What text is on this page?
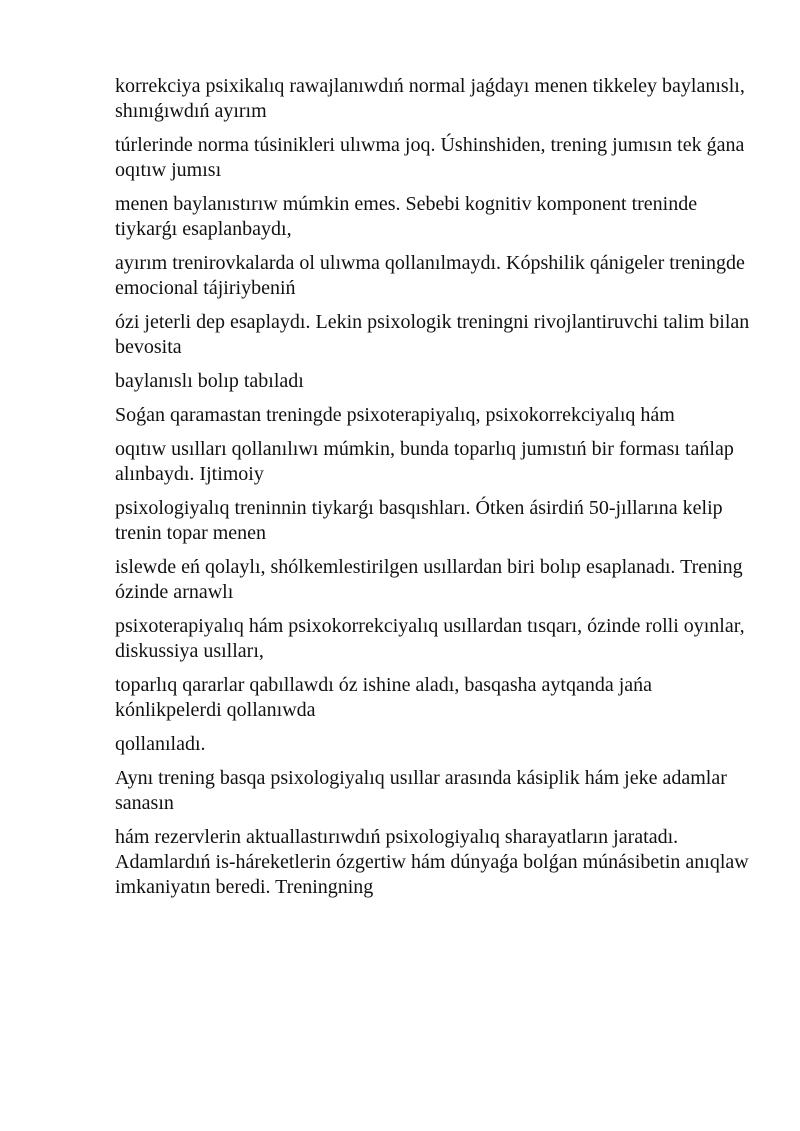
korrekciya psixikalıq rawajlanıwdıń normal jaǵdayı menen tikkeley baylanıslı, shınıǵıwdıń ayırım

túrlerinde norma túsinikleri ulıwma joq. Úshinshiden, trening jumısın tek ǵana oqıtıw jumısı

menen baylanıstırıw múmkin emes. Sebebi kognitiv komponent treninde tiykarǵı esaplanbaydı,

ayırım trenirovkalarda ol ulıwma qollanılmaydı. Kópshilik qánigeler treningde emocional tájiriybeniń

ózi jeterli dep esaplaydı. Lekin psixologik treningni rivojlantiruvchi talim bilan bevosita

baylanıslı bolıp tabıladı

Soǵan qaramastan treningde psixoterapiyalıq, psixokorrekciyalıq hám

oqıtıw usılları qollanılıwı múmkin, bunda toparlıq jumıstıń bir forması tańlap alınbaydı. Ijtimoiy

psixologiyalıq treninnin tiykarǵı basqıshları. Ótken ásirdiń 50-jıllarına kelip trenin topar menen

islewde eń qolaylı, shólkemlestirilgen usıllardan biri bolıp esaplanadı. Trening ózinde arnawlı

psixoterapiyalıq hám psixokorrekciyalıq usıllardan tısqarı, ózinde rolli oyınlar, diskussiya usılları,

toparlıq qararlar qabıllawdı óz ishine aladı, basqasha aytqanda jańa kónlikpelerdi qollanıwda

qollanıladı.

Aynı trening basqa psixologiyalıq usıllar arasında kásiplik hám jeke adamlar sanasın

hám rezervlerin aktuallastırıwdıń psixologiyalıq sharayatların jaratadı. Adamlardıń is-háreketlerin ózgertiw hám dúnyaǵa bolǵan múnásibetin anıqlaw imkaniyatın beredi. Treningning
